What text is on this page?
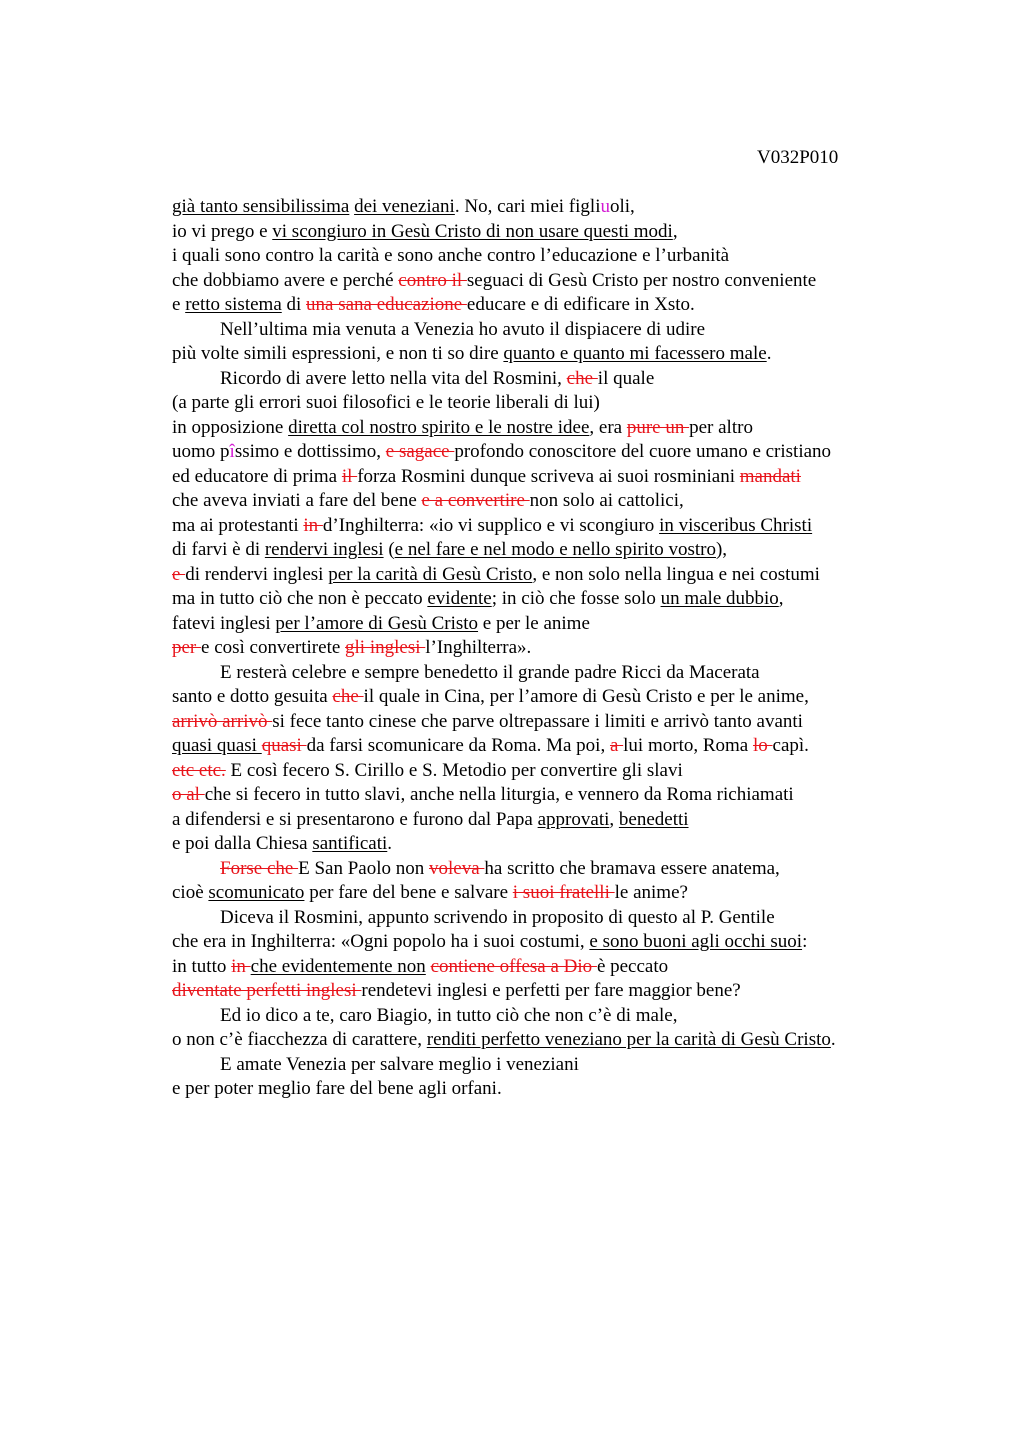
V032P010
già tanto sensibilissima dei veneziani. No, cari miei figliuoli,
io vi prego e vi scongiuro in Gesù Cristo di non usare questi modi,
i quali sono contro la carità e sono anche contro l’educazione e l’urbanità
che dobbiamo avere e perché contro il seguaci di Gesù Cristo per nostro conveniente
e retto sistema di una sana educazione educare e di edificare in Xsto.
Nell’ultima mia venuta a Venezia ho avuto il dispiacere di udire
più volte simili espressioni, e non ti so dire quanto e quanto mi facessero male.
Ricordo di avere letto nella vita del Rosmini, che il quale
(a parte gli errori suoi filosofici e le teorie liberali di lui)
in opposizione diretta col nostro spirito e le nostre idee, era pure un per altro
uomo pîssimo e dottissimo, e sagace profondo conoscitore del cuore umano e cristiano
ed educatore di prima il forza Rosmini dunque scriveva ai suoi rosminiani mandati
che aveva inviati a fare del bene e a convertire non solo ai cattolici,
ma ai protestanti in d’Inghilterra: «io vi supplico e vi scongiuro in visceribus Christi
di farvi è di rendervi inglesi (e nel fare e nel modo e nello spirito vostro),
e di rendervi inglesi per la carità di Gesù Cristo, e non solo nella lingua e nei costumi
ma in tutto ciò che non è peccato evidente; in ciò che fosse solo un male dubbio,
fatevi inglesi per l’amore di Gesù Cristo e per le anime
per e così convertirete gli inglesi l’Inghilterra».
E resterà celebre e sempre benedetto il grande padre Ricci da Macerata
santo e dotto gesuita che il quale in Cina, per l’amore di Gesù Cristo e per le anime,
arrivò arrivò si fece tanto cinese che parve oltrepassare i limiti e arrivò tanto avanti
quasi quasi quasi da farsi scomunicare da Roma. Ma poi, a lui morto, Roma lo capì.
etc etc. E così fecero S. Cirillo e S. Metodio per convertire gli slavi
o al che si fecero in tutto slavi, anche nella liturgia, e vennero da Roma richiamati
a difendersi e si presentarono e furono dal Papa approvati, benedetti
e poi dalla Chiesa santificati.
Forse che E San Paolo non voleva ha scritto che bramava essere anatema,
cioè scomunicato per fare del bene e salvare i suoi fratelli le anime?
Diceva il Rosmini, appunto scrivendo in proposito di questo al P. Gentile
che era in Inghilterra: «Ogni popolo ha i suoi costumi, e sono buoni agli occhi suoi:
in tutto in che evidentemente non contiene offesa a Dio è peccato
diventate perfetti inglesi rendetevi inglesi e perfetti per fare maggior bene?
Ed io dico a te, caro Biagio, in tutto ciò che non c’è di male,
o non c’è fiacchezza di carattere, renditi perfetto veneziano per la carità di Gesù Cristo.
E amate Venezia per salvare meglio i veneziani
e per poter meglio fare del bene agli orfani.
